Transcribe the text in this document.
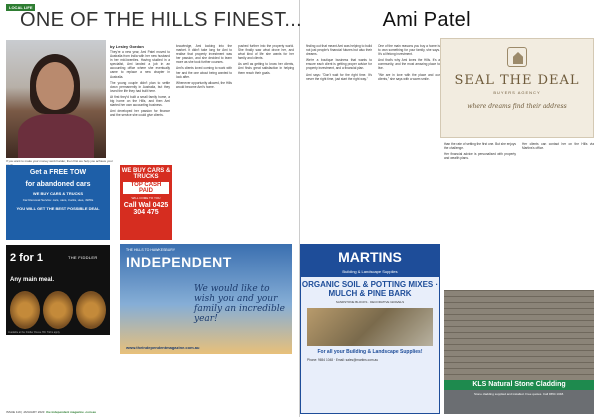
LOCAL LIFE
If you want to make your money work harder, then first we help you achieve your
by Lesley Gordon

They're a new year, Ami Patel moved to Australia from India with her new husband in her mid-twenties. Having studied in a specialist, Ami landed a job in an accounting office where she eventually came to replace a new chapter in Australia.

The young couple didn't plan to settle down permanently in Australia, but they loved the life they had built here.

At first they'd built a small family home, a big home on the Hills, and then Ami started her own accounting business.

Ami developed her passion for finance and the service she could give clients.

knowledge, Ami looking into the market. It didn't take long for Ami to realise that property investment was her passion, and she decided to learn more as she took further courses.

Ami's clients loved coming to work with her and the one about being wanted to look after.

Whenever opportunity allowed, the Hills would become Ami's home.

pushed further into the property world. She finally saw what drove her, and what kind of life she wants for her family and clients.

As well as getting to know her clients, Ami finds great satisfaction in helping them reach their goals.

Get a FREE TOW
for abandoned cars
WE BUY CARS & TRUCKS
Car Removal Service: cars, vans, trucks, utes, 4WDs
YOU WILL GET THE BEST POSSIBLE DEAL
WE BUY CARS & TRUCKS
TOP CASH PAID
WILL COME TO YOU
Call Wal 0425 304 475
2 for 1
Any main meal.
THE FIDDLER
Available at the Fiddler Rouse Hill. T&Cs apply.
THE HILLS TO HAWKESBURY
INDEPENDENT
We would like to wish you and your family an incredible year!
www.theindependentmagazine.com.au
ISSUE 119 | JANUARY 2023 the independent magazine .com.au

finding out that meant Ami was helping to build not just people's financial futures but also their dreams.

We're a boutique business that wants to ensure each client is getting proper advice for property investment, and a financial plan.

Ami says: "Don't wait for the right time. It's never the right time, just start the right way."

One of the main reasons you buy a home is to own something for your family, she says. It's a lifelong investment.

And that's why Ami loves the Hills. It's a community, and the most amazing place to live.

"We are in love with the place and our clients," she says with a warm smile.

than the rate of setting the first one. But she enjoys the challenge.

Her financial advice is personalised with property and wealth plans.

Her clients can contact her on the Hills via Martins's office.

ONE OF THE HILLS FINEST...	Ami Patel
SEAL THE DEAL
BUYERS AGENCY
where dreams find their address
MARTINS
Building & Landscape Supplies
ORGANIC SOIL & POTTING MIXES · MULCH & PINE BARK
SANDSTONE BLOCKS · DECORATIVE GRAVELS
For all your Building & Landscape Supplies!
Phone: 9654 1048 · Email: sales@martins.com.au
KLS Natural Stone Cladding
Stone cladding supplied and installed. Free quotes. Call 9654 1048.
